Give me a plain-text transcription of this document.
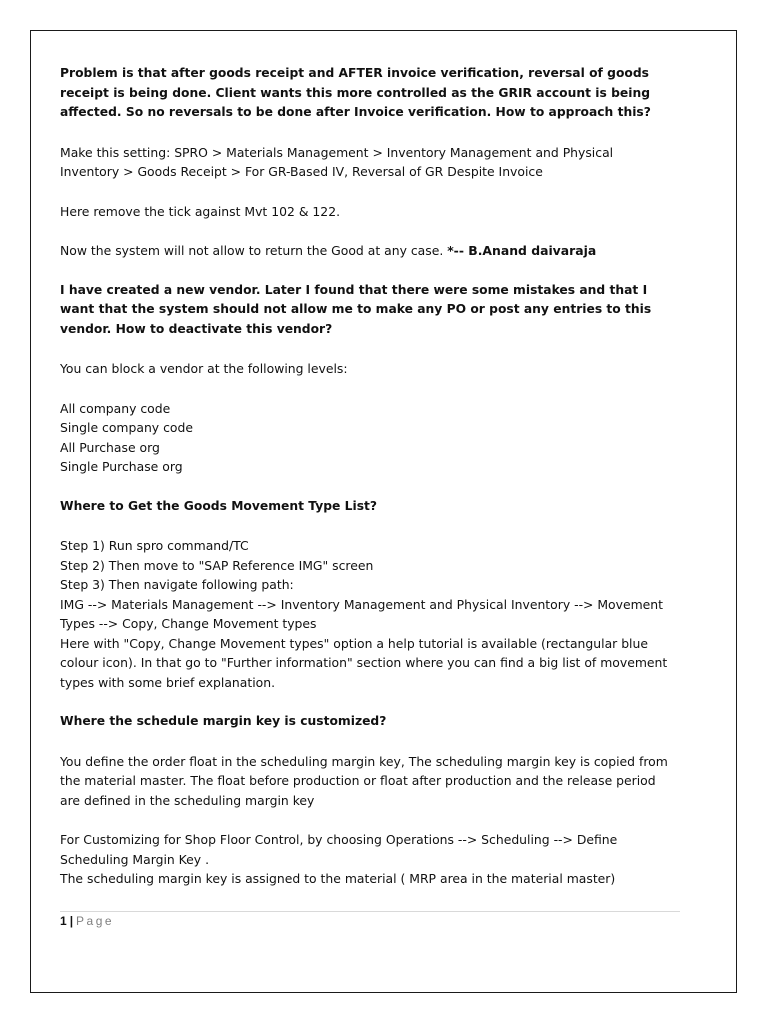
Problem is that after goods receipt and AFTER invoice verification, reversal of goods receipt is being done. Client wants this more controlled as the GRIR account is being affected. So no reversals to be done after Invoice verification. How to approach this?

Make this setting: SPRO > Materials Management > Inventory Management and Physical Inventory > Goods Receipt > For GR-Based IV, Reversal of GR Despite Invoice

Here remove the tick against Mvt 102 & 122.

Now the system will not allow to return the Good at any case. *-- B.Anand daivaraja

I have created a new vendor. Later I found that there were some mistakes and that I want that the system should not allow me to make any PO or post any entries to this vendor. How to deactivate this vendor?

You can block a vendor at the following levels:

All company code

Single company code

All Purchase org

Single Purchase org

Where to Get the Goods Movement Type List?

Step 1) Run spro command/TC

Step 2) Then move to "SAP Reference IMG" screen

Step 3) Then navigate following path:

IMG --> Materials Management --> Inventory Management and Physical Inventory --> Movement Types --> Copy, Change Movement types

Here with "Copy, Change Movement types" option a help tutorial is available (rectangular blue colour icon). In that go to "Further information" section where you can find a big list of movement types with some brief explanation.

Where the schedule margin key is customized?

You define the order float in the scheduling margin key, The scheduling margin key is copied from the material master. The float before production or float after production and the release period are defined in the scheduling margin key

For Customizing for Shop Floor Control, by choosing Operations --> Scheduling --> Define Scheduling Margin Key .

The scheduling margin key is assigned to the material ( MRP area in the material master)

1 | Page
